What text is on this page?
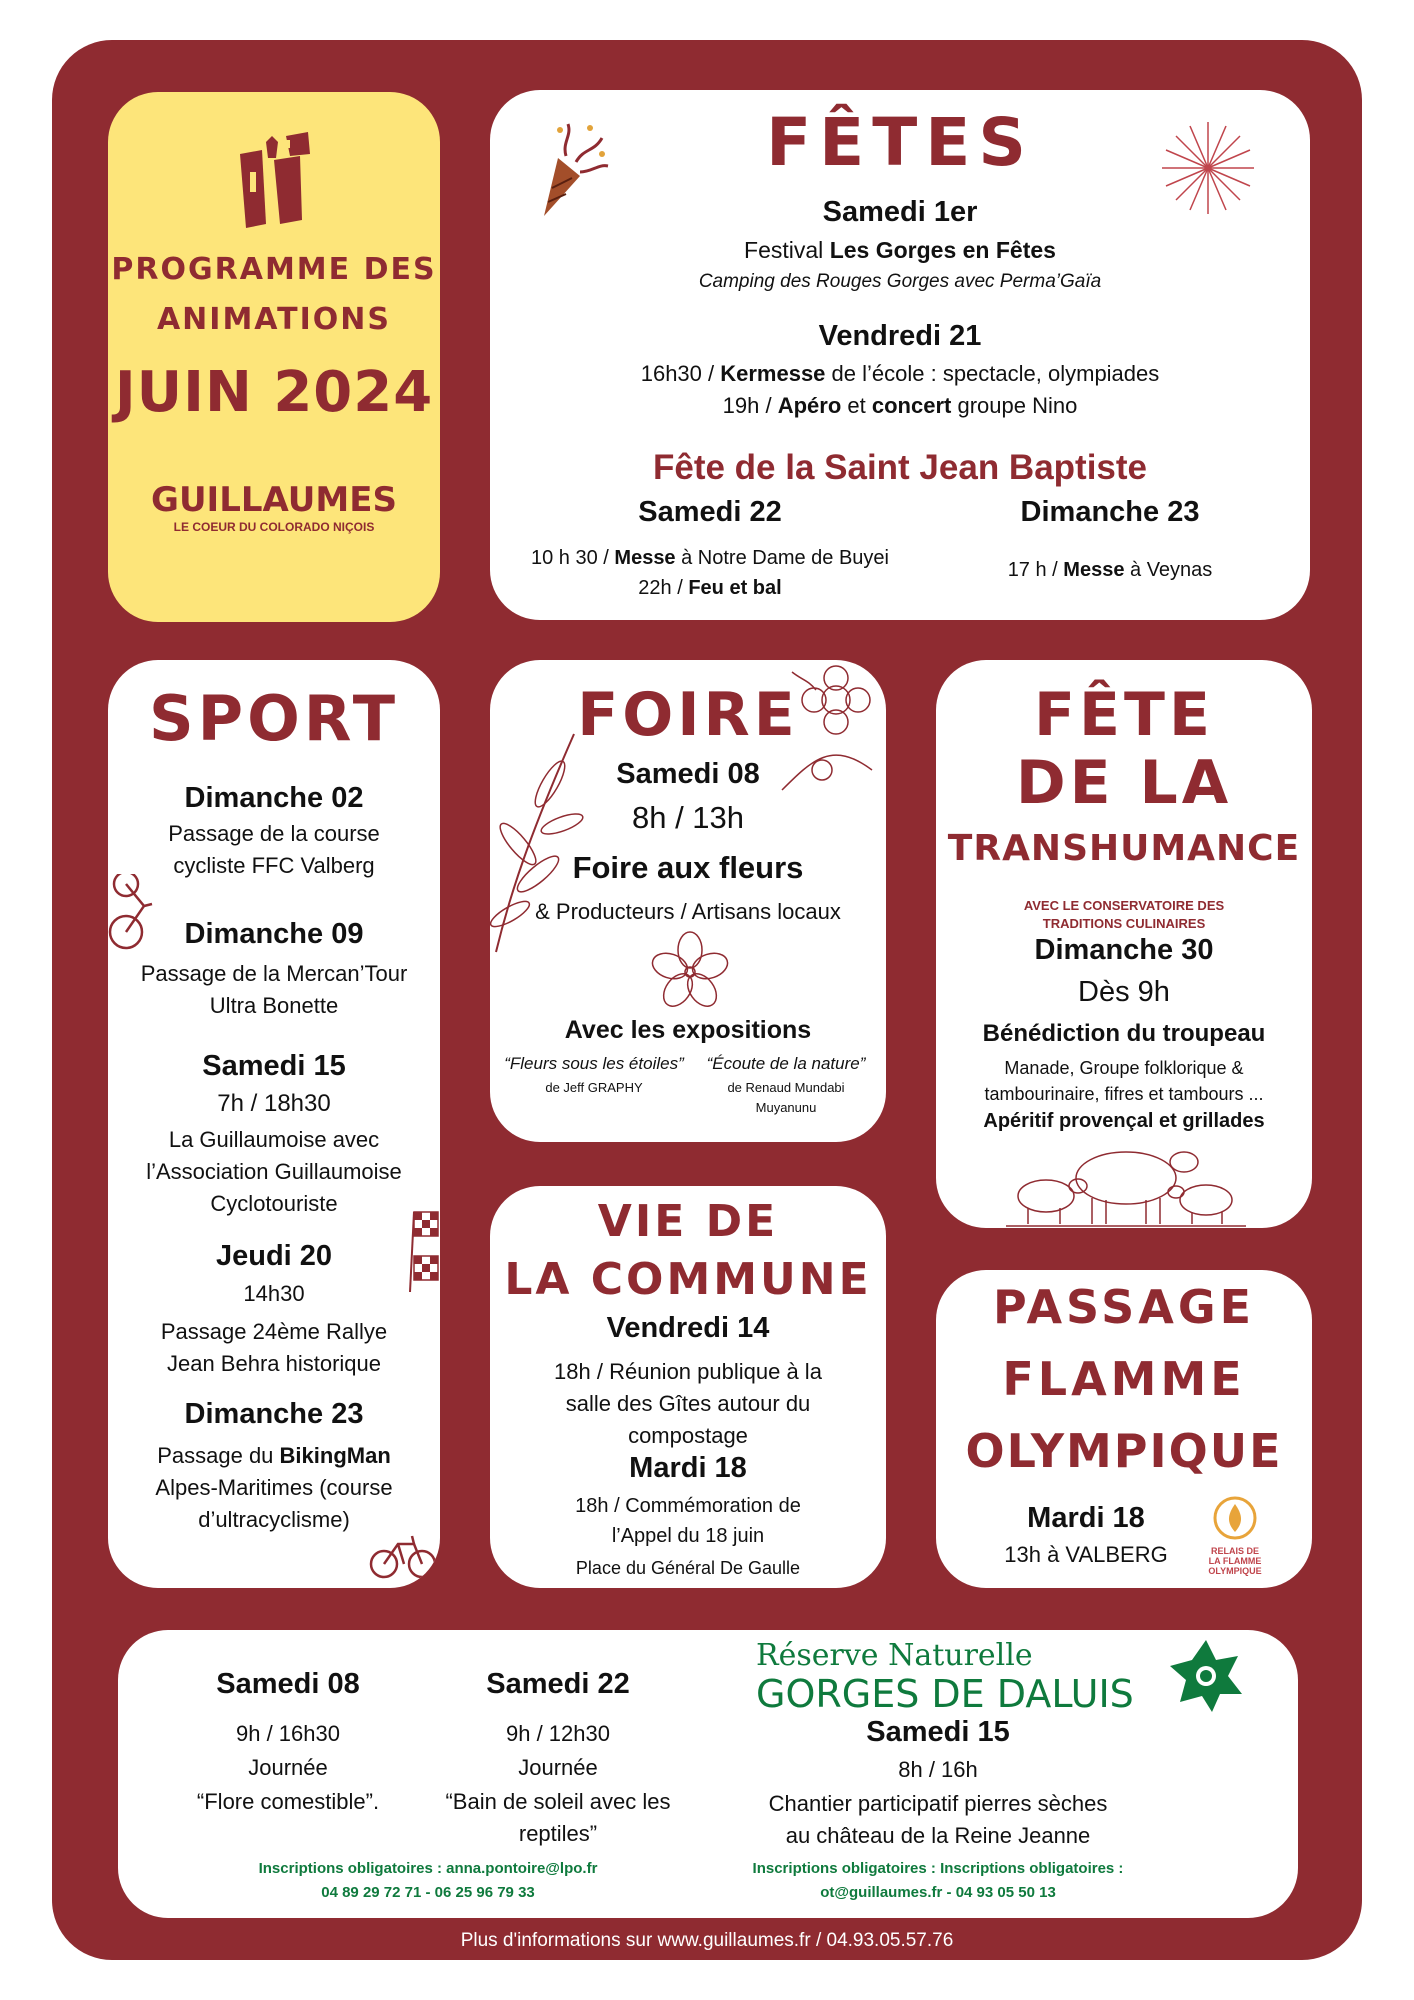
PROGRAMME DES
ANIMATIONS
JUIN 2024
GUILLAUMES
LE COEUR DU COLORADO NIÇOIS
FÊTES
Samedi 1er
Festival Les Gorges en Fêtes
Camping des Rouges Gorges avec Perma’Gaïa
Vendredi 21
16h30 / Kermesse de l’école : spectacle, olympiades
19h / Apéro et concert groupe Nino
Fête de la Saint Jean Baptiste
Samedi 22
10 h 30 / Messe à Notre Dame de Buyei
22h / Feu et bal
Dimanche 23
17 h / Messe à Veynas
SPORT
Dimanche 02
Passage de la course
cycliste FFC Valberg
Dimanche 09
Passage de la Mercan’Tour
Ultra Bonette
Samedi 15
7h / 18h30
La Guillaumoise avec
l’Association Guillaumoise
Cyclotouriste
Jeudi 20
14h30
Passage 24ème Rallye
Jean Behra historique
Dimanche 23
Passage du BikingMan
Alpes-Maritimes (course
d’ultracyclisme)
FOIRE
Samedi 08
8h / 13h
Foire aux fleurs
& Producteurs / Artisans locaux
Avec les expositions
“Fleurs sous les étoiles”	“Écoute de la nature”
de Jeff GRAPHY	de Renaud Mundabi
Muyanunu
FÊTE
DE LA
TRANSHUMANCE
AVEC LE CONSERVATOIRE DES
TRADITIONS CULINAIRES
Dimanche 30
Dès 9h
Bénédiction du troupeau
Manade, Groupe folklorique &
tambourinaire, fifres et tambours ...
Apéritif provençal et grillades
VIE DE
LA COMMUNE
Vendredi 14
18h / Réunion publique à la
salle des Gîtes autour du
compostage
Mardi 18
18h / Commémoration de
l’Appel du 18 juin
Place du Général De Gaulle
PASSAGE
FLAMME
OLYMPIQUE
Mardi 18
13h à VALBERG	RELAIS DE
LA FLAMME
OLYMPIQUE
Réserve Naturelle
GORGES DE DALUIS
Samedi 08
9h / 16h30
Journée
“Flore comestible”.
Samedi 22
9h / 12h30
Journée
“Bain de soleil avec les
reptiles”
Samedi 15
8h / 16h
Chantier participatif pierres sèches
au château de la Reine Jeanne
Inscriptions obligatoires : anna.pontoire@lpo.fr
04 89 29 72 71 - 06 25 96 79 33
Inscriptions obligatoires : Inscriptions obligatoires :
ot@guillaumes.fr - 04 93 05 50 13
Plus d'informations sur www.guillaumes.fr / 04.93.05.57.76
